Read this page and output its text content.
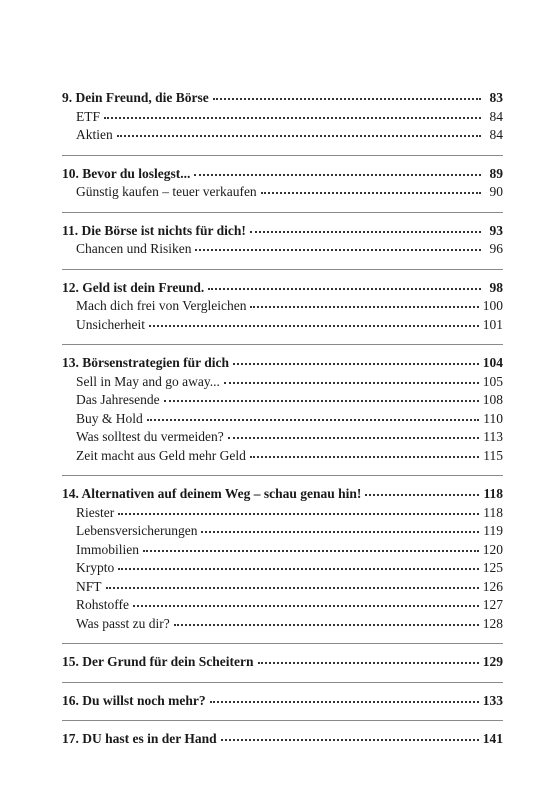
9. Dein Freund, die Börse	83
ETF	84
Aktien	84
10. Bevor du loslegst...	89
Günstig kaufen – teuer verkaufen	90
11. Die Börse ist nichts für dich!	93
Chancen und Risiken	96
12. Geld ist dein Freund.	98
Mach dich frei von Vergleichen	100
Unsicherheit	101
13. Börsenstrategien für dich	104
Sell in May and go away...	105
Das Jahresende	108
Buy & Hold	110
Was solltest du vermeiden?	113
Zeit macht aus Geld mehr Geld	115
14. Alternativen auf deinem Weg – schau genau hin!	118
Riester	118
Lebensversicherungen	119
Immobilien	120
Krypto	125
NFT	126
Rohstoffe	127
Was passt zu dir?	128
15. Der Grund für dein Scheitern	129
16. Du willst noch mehr?	133
17. DU hast es in der Hand	141
